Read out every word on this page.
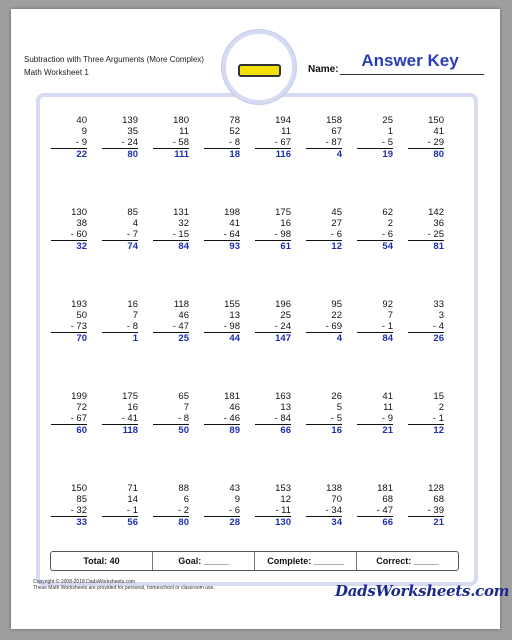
Subtraction with Three Arguments (More Complex)
Math Worksheet 1	Name:	Answer Key
40
9
- 9
22
139
35
- 24
80
180
11
- 58
111
78
52
- 8
18
194
11
- 67
116
158
67
- 87
4
25
1
- 5
19
150
41
- 29
80
130
38
- 60
32
85
4
- 7
74
131
32
- 15
84
198
41
- 64
93
175
16
- 98
61
45
27
- 6
12
62
2
- 6
54
142
36
- 25
81
193
50
- 73
70
16
7
- 8
1
118
46
- 47
25
155
13
- 98
44
196
25
- 24
147
95
22
- 69
4
92
7
- 1
84
33
3
- 4
26
199
72
- 67
60
175
16
- 41
118
65
7
- 8
50
181
46
- 46
89
163
13
- 84
66
26
5
- 5
16
41
11
- 9
21
15
2
- 1
12
150
85
- 32
33
71
14
- 1
56
88
6
- 2
80
43
9
- 6
28
153
12
- 11
130
138
70
- 34
34
181
68
- 47
66
128
68
- 39
21
Total: 40	Goal: _____	Complete: ______	Correct: _____
Copyright © 2008-2018 DadsWorksheets.com
These Math Worksheets are provided for personal, homeschool or classroom use.	DadsWorksheets.com
